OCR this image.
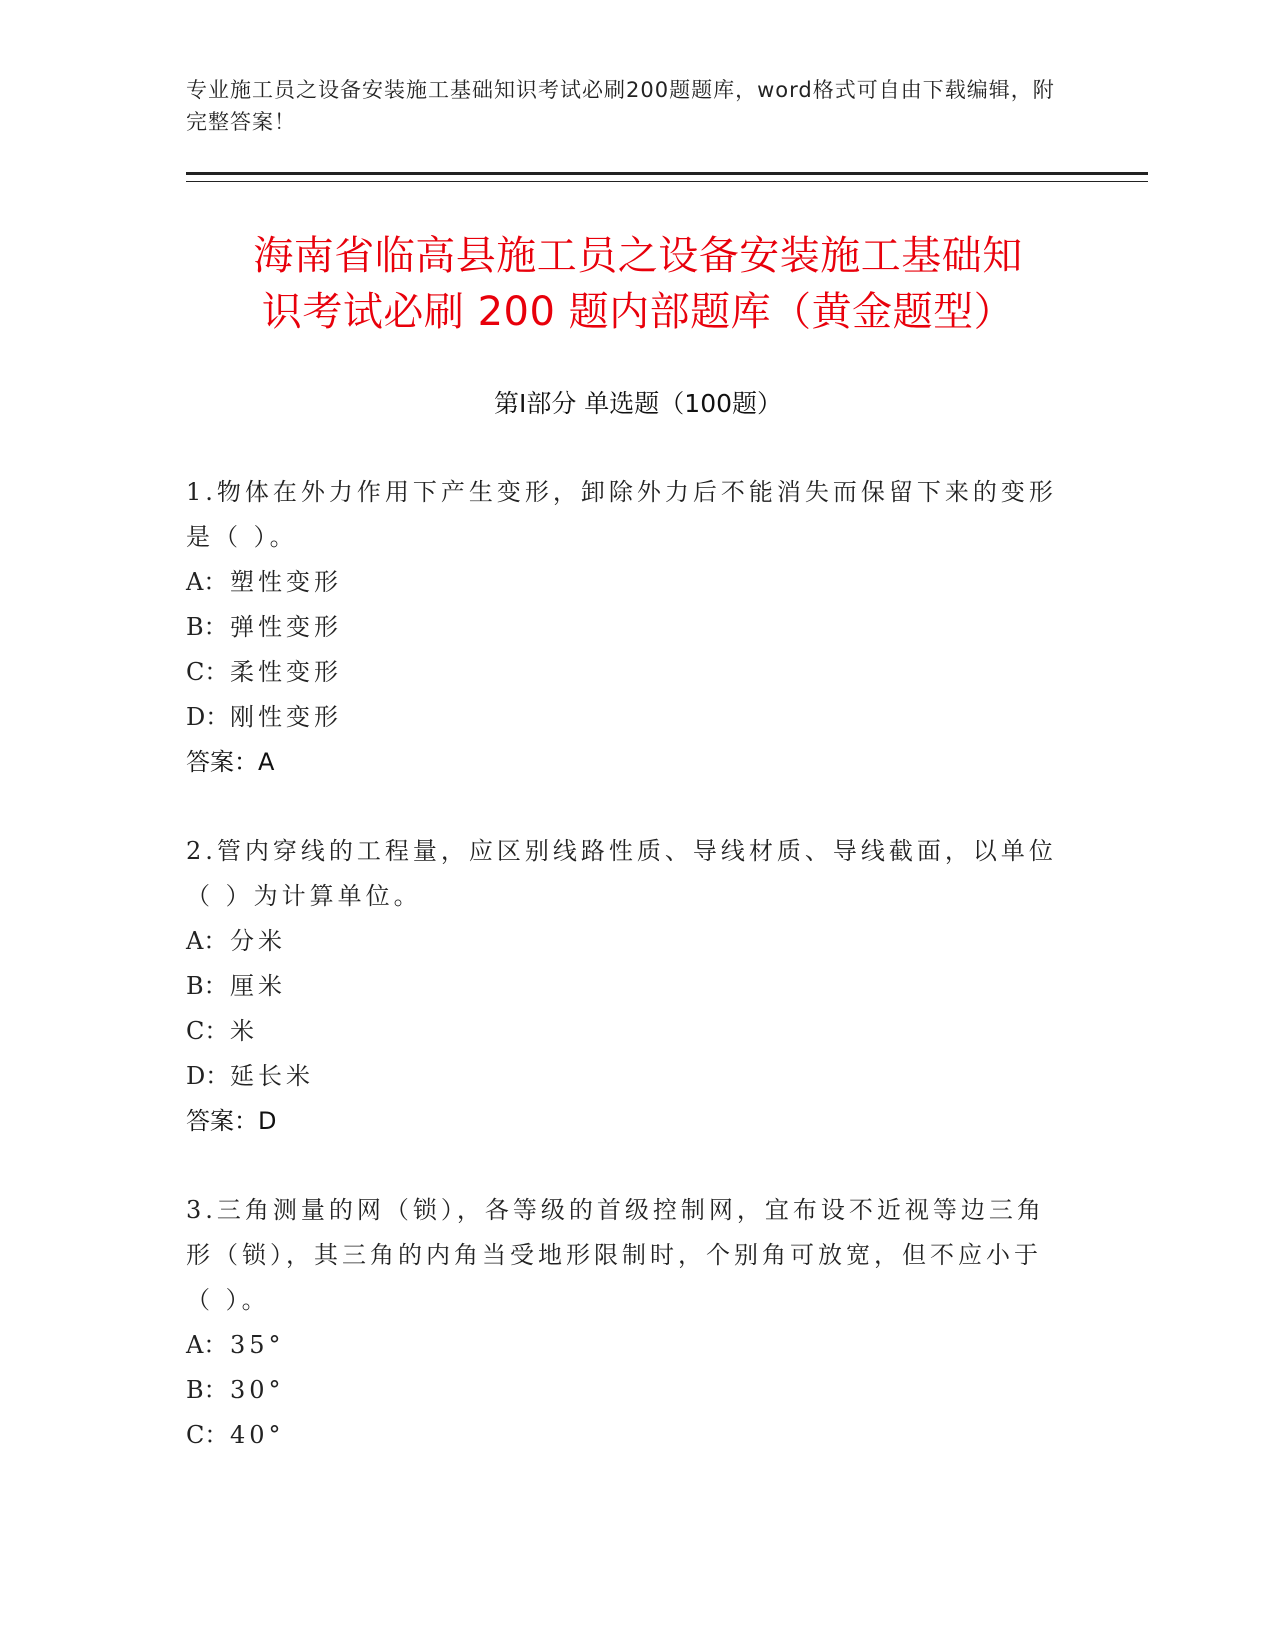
专业施工员之设备安装施工基础知识考试必刷200题题库，word格式可自由下载编辑，附完整答案！
海南省临高县施工员之设备安装施工基础知
识考试必刷 200 题内部题库（黄金题型）
第Ⅰ部分 单选题（100题）
1.物体在外力作用下产生变形，卸除外力后不能消失而保留下来的变形是（ ）。
A： 塑性变形
B：弹性变形
C：柔性变形
D：刚性变形
答案：A
2.管内穿线的工程量，应区别线路性质、导线材质、导线截面，以单位（ ）为计算单位。
A： 分米
B：厘米
C：米
D：延长米
答案：D
3.三角测量的网（锁），各等级的首级控制网，宜布设不近视等边三角形（锁），其三角的内角当受地形限制时，个别角可放宽，但不应小于（ ）。
A： 35°
B：30°
C：40°
